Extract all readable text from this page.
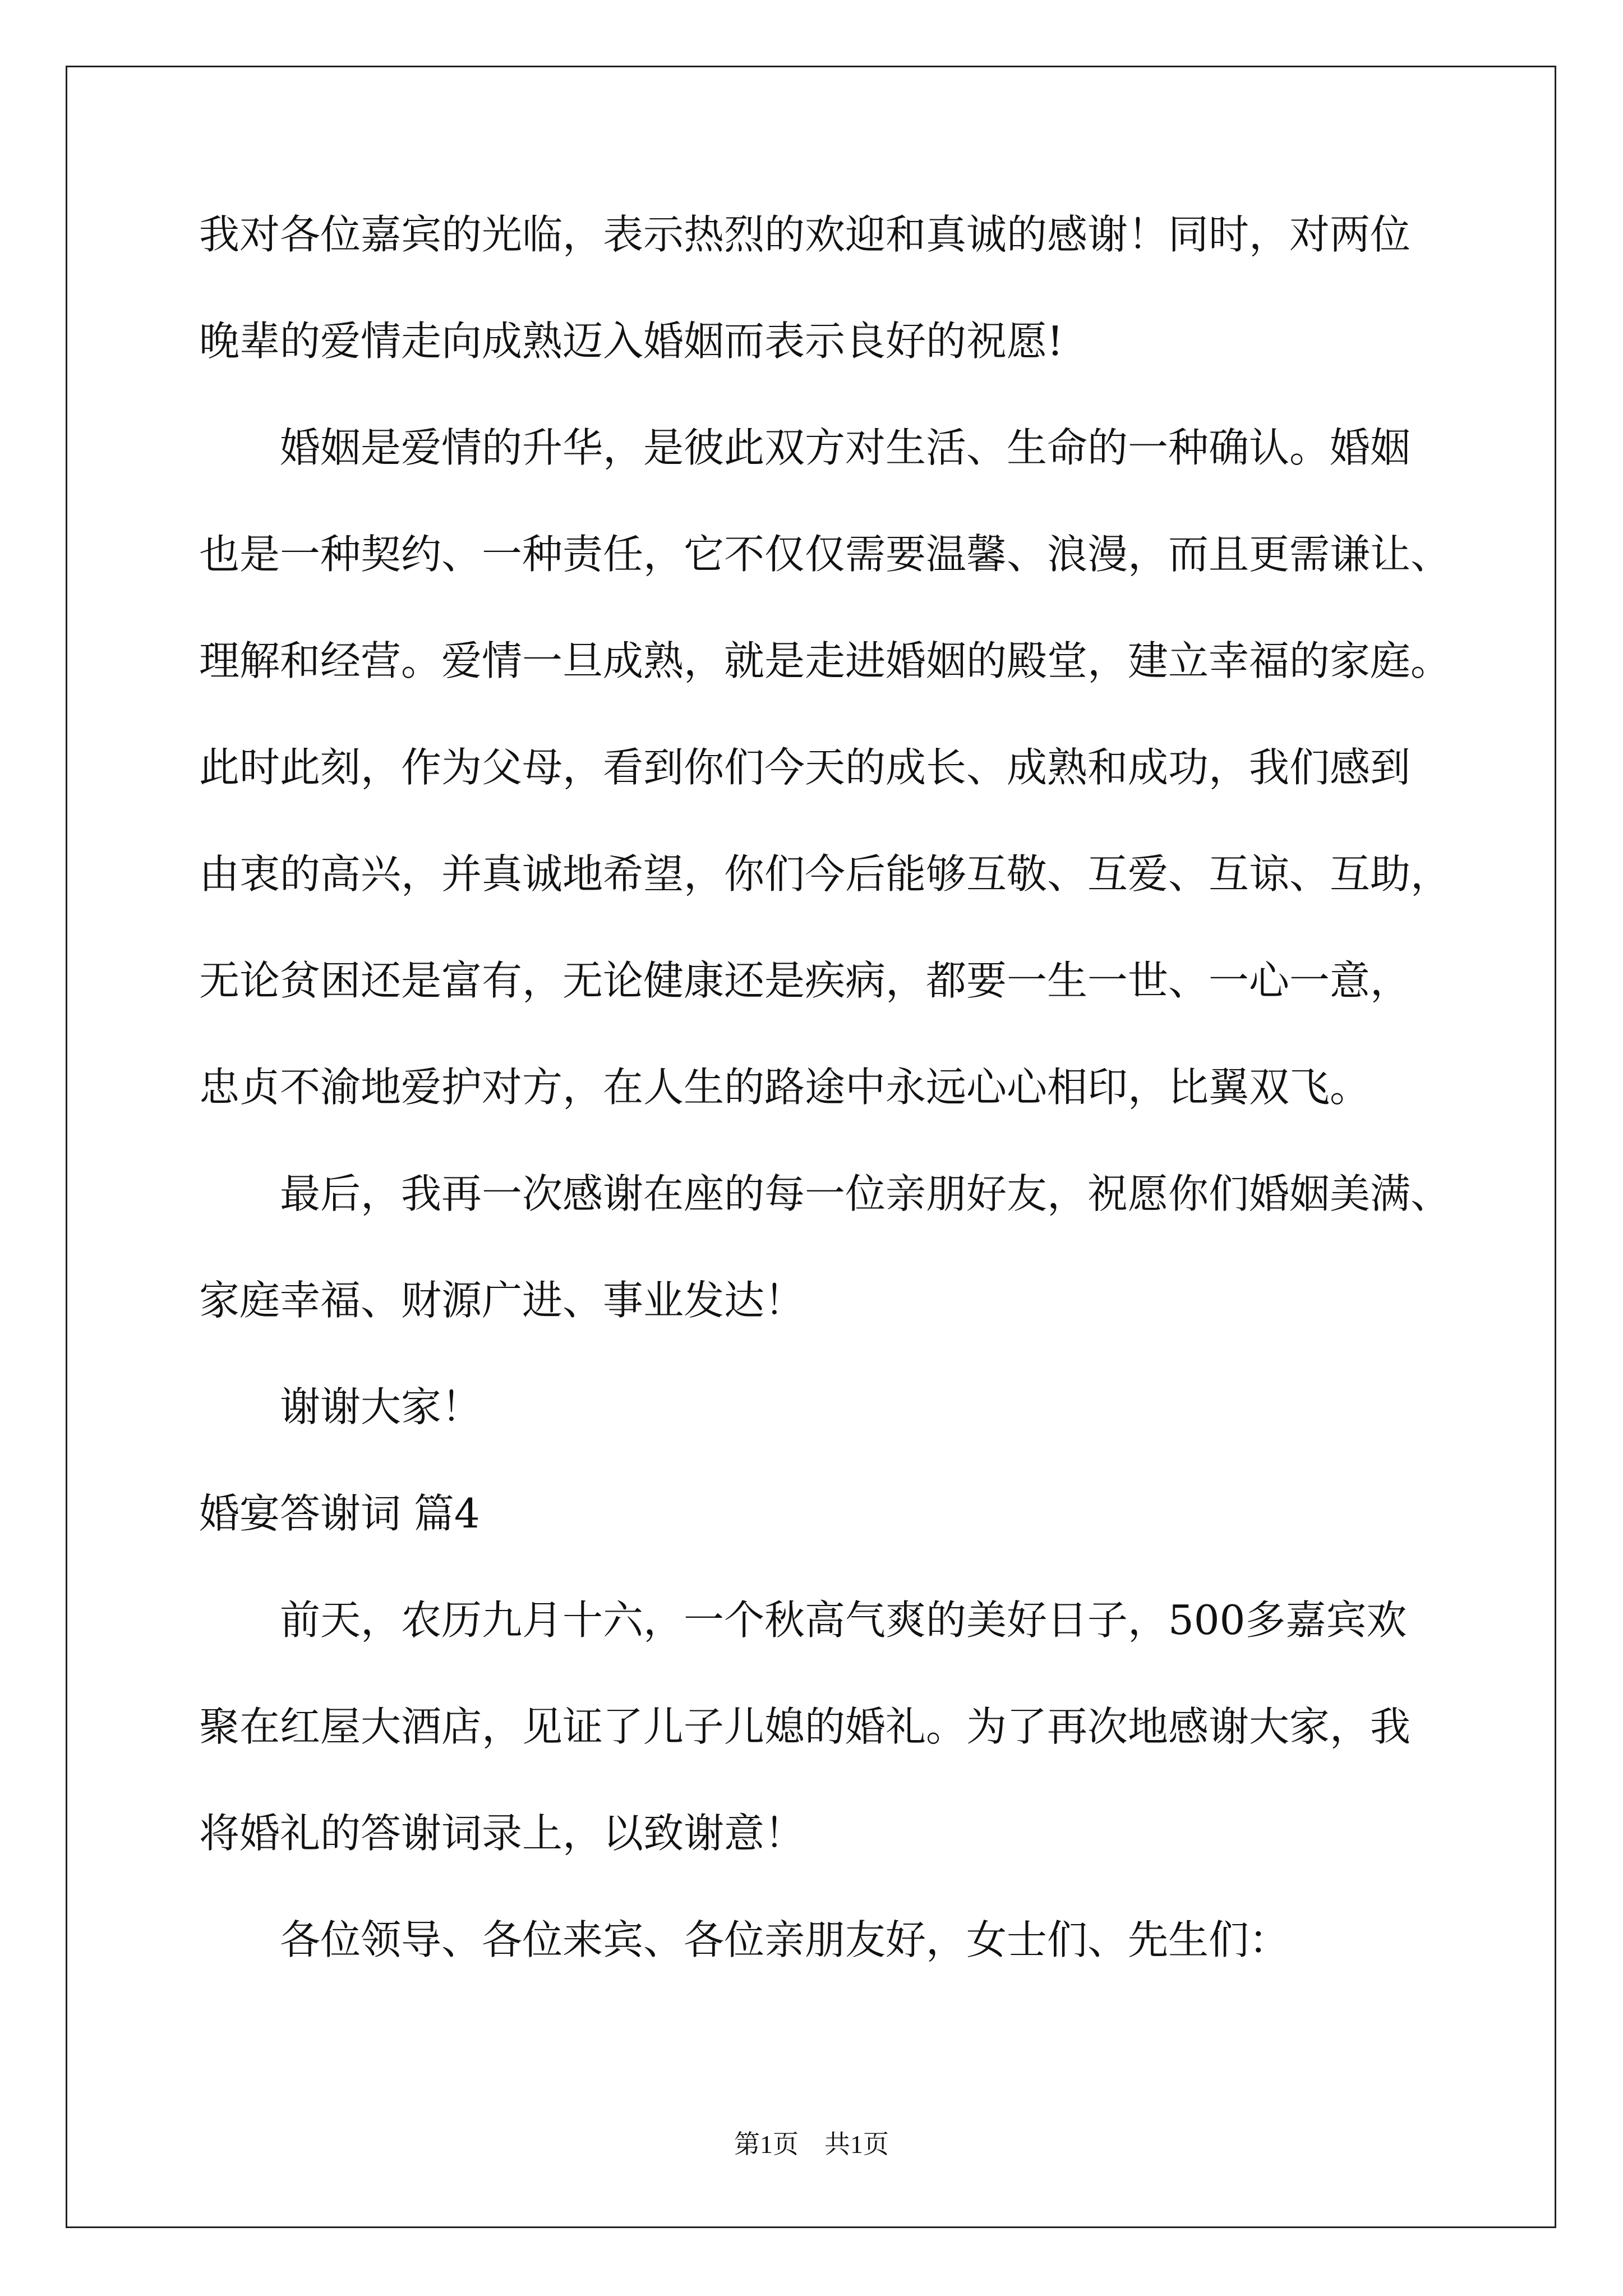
我对各位嘉宾的光临，表示热烈的欢迎和真诚的感谢！同时，对两位
晚辈的爱情走向成熟迈入婚姻而表示良好的祝愿!
婚姻是爱情的升华，是彼此双方对生活、生命的一种确认。婚姻
也是一种契约、一种责任，它不仅仅需要温馨、浪漫，而且更需谦让、
理解和经营。爱情一旦成熟，就是走进婚姻的殿堂，建立幸福的家庭。
此时此刻，作为父母，看到你们今天的成长、成熟和成功，我们感到
由衷的高兴，并真诚地希望，你们今后能够互敬、互爱、互谅、互助，
无论贫困还是富有，无论健康还是疾病，都要一生一世、一心一意，
忠贞不渝地爱护对方，在人生的路途中永远心心相印，比翼双飞。
最后，我再一次感谢在座的每一位亲朋好友，祝愿你们婚姻美满、
家庭幸福、财源广进、事业发达！
谢谢大家！
婚宴答谢词 篇4
前天，农历九月十六，一个秋高气爽的美好日子，500多嘉宾欢
聚在红屋大酒店，见证了儿子儿媳的婚礼。为了再次地感谢大家，我
将婚礼的答谢词录上，以致谢意！
各位领导、各位来宾、各位亲朋友好，女士们、先生们：
第1页　共1页
